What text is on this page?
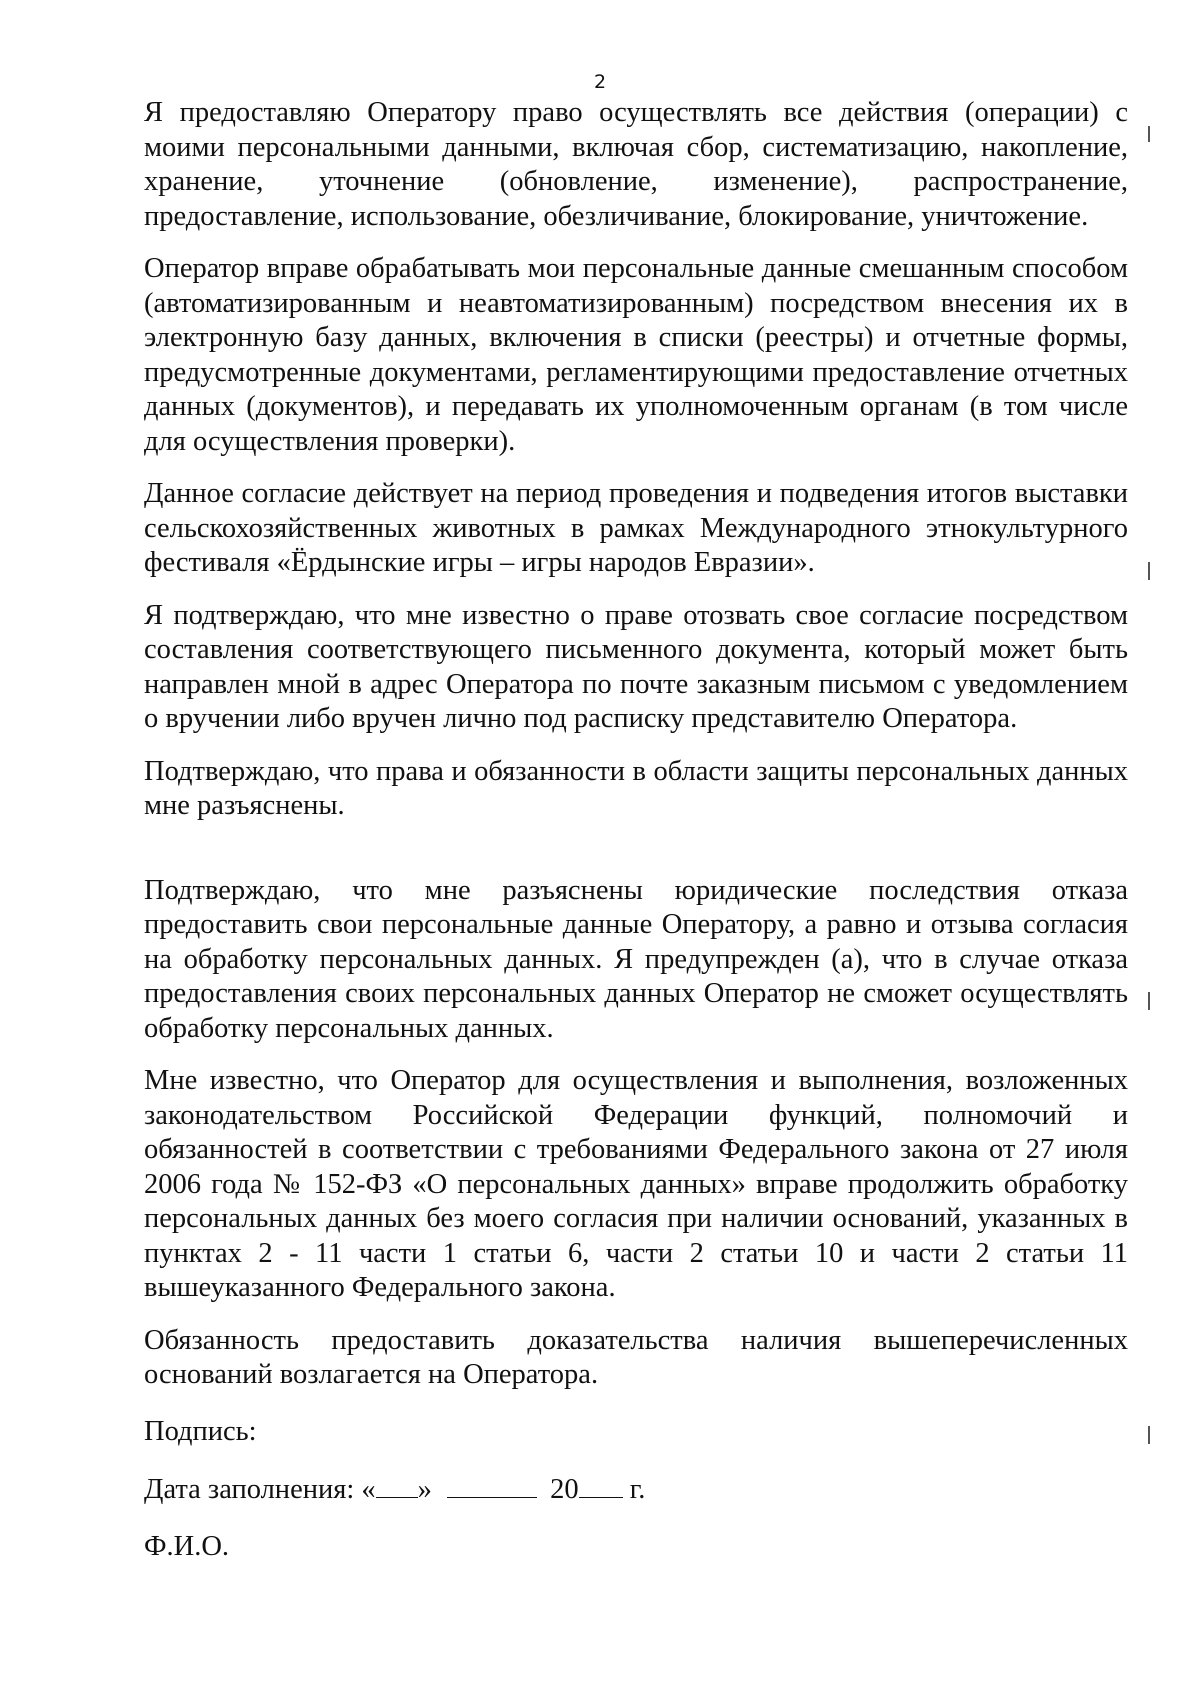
2

Я предоставляю Оператору право осуществлять все действия (операции) с моими персональными данными, включая сбор, систематизацию, накопление, хранение, уточнение (обновление, изменение), распространение, предоставление, использование, обезличивание, блокирование, уничтожение.

Оператор вправе обрабатывать мои персональные данные смешанным способом (автоматизированным и неавтоматизированным) посредством внесения их в электронную базу данных, включения в списки (реестры) и отчетные формы, предусмотренные документами, регламентирующими предоставление отчетных данных (документов), и передавать их уполномоченным органам (в том числе для осуществления проверки).

Данное согласие действует на период проведения и подведения итогов выставки сельскохозяйственных животных в рамках Международного этнокультурного фестиваля «Ёрдынские игры – игры народов Евразии».

Я подтверждаю, что мне известно о праве отозвать свое согласие посредством составления соответствующего письменного документа, который может быть направлен мной в адрес Оператора по почте заказным письмом с уведомлением о вручении либо вручен лично под расписку представителю Оператора.

Подтверждаю, что права и обязанности в области защиты персональных данных мне разъяснены.

Подтверждаю, что мне разъяснены юридические последствия отказа предоставить свои персональные данные Оператору, а равно и отзыва согласия на обработку персональных данных. Я предупрежден (а), что в случае отказа предоставления своих персональных данных Оператор не сможет осуществлять обработку персональных данных.

Мне известно, что Оператор для осуществления и выполнения, возложенных законодательством Российской Федерации функций, полномочий и обязанностей в соответствии с требованиями Федерального закона от 27 июля 2006 года № 152-ФЗ «О персональных данных» вправе продолжить обработку персональных данных без моего согласия при наличии оснований, указанных в пунктах 2 - 11 части 1 статьи 6, части 2 статьи 10 и части 2 статьи 11 вышеуказанного Федерального закона.

Обязанность предоставить доказательства наличия вышеперечисленных оснований возлагается на Оператора.

Подпись:

Дата заполнения: « »	20 г.

Ф.И.О.
